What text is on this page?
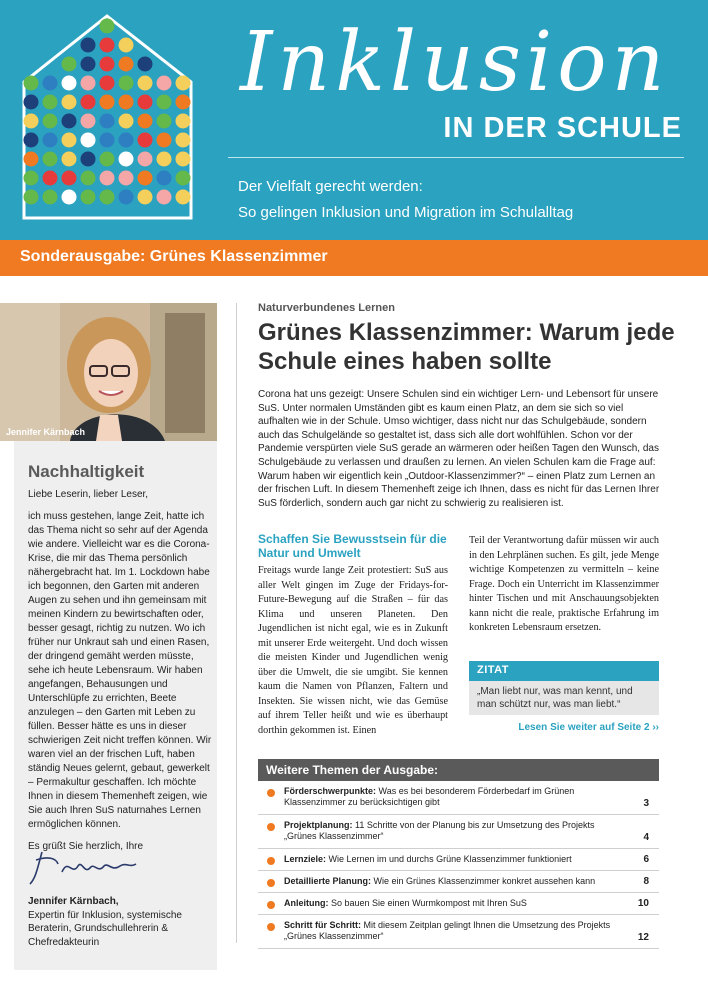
Inklusion
IN DER SCHULE
Der Vielfalt gerecht werden:
So gelingen Inklusion und Migration im Schulalltag
Sonderausgabe: Grünes Klassenzimmer
Jennifer Kärnbach
Nachhaltigkeit

Liebe Leserin, lieber Leser,

ich muss gestehen, lange Zeit, hatte ich das Thema nicht so sehr auf der Agenda wie andere. Vielleicht war es die Corona-Krise, die mir das Thema persönlich nähergebracht hat. Im 1. Lockdown habe ich begonnen, den Garten mit anderen Augen zu sehen und ihn gemeinsam mit meinen Kindern zu bewirtschaften oder, besser gesagt, richtig zu nutzen. Wo ich früher nur Unkraut sah und einen Rasen, der dringend gemäht werden müsste, sehe ich heute Lebensraum. Wir haben angefangen, Behausungen und Unterschlüpfe zu errichten, Beete anzulegen – den Garten mit Leben zu füllen. Besser hätte es uns in dieser schwierigen Zeit nicht treffen können. Wir waren viel an der frischen Luft, haben ständig Neues gelernt, gebaut, gewerkelt – Permakultur geschaffen. Ich möchte Ihnen in diesem Themenheft zeigen, wie Sie auch Ihren SuS naturnahes Lernen ermöglichen können.

Es grüßt Sie herzlich, Ihre

Jennifer Kärnbach,
Expertin für Inklusion, systemische Beraterin, Grundschullehrerin & Chefredakteurin
Naturverbundenes Lernen
Grünes Klassenzimmer: Warum jede Schule eines haben sollte
Corona hat uns gezeigt: Unsere Schulen sind ein wichtiger Lern- und Lebensort für unsere SuS. Unter normalen Umständen gibt es kaum einen Platz, an dem sie sich so viel aufhalten wie in der Schule. Umso wichtiger, dass nicht nur das Schulgebäude, sondern auch das Schulgelände so gestaltet ist, dass sich alle dort wohlfühlen. Schon vor der Pandemie verspürten viele SuS gerade an wärmeren oder heißen Tagen den Wunsch, das Schulgebäude zu verlassen und draußen zu lernen. An vielen Schulen kam die Frage auf: Warum haben wir eigentlich kein „Outdoor-Klassenzimmer?“ – einen Platz zum Lernen an der frischen Luft. In diesem Themenheft zeige ich Ihnen, dass es nicht für das Lernen Ihrer SuS förderlich, sondern auch gar nicht zu schwierig zu realisieren ist.
Schaffen Sie Bewusstsein für die Natur und Umwelt

Freitags wurde lange Zeit protestiert: SuS aus aller Welt gingen im Zuge der Fridays-for-Future-Bewegung auf die Straßen – für das Klima und unseren Planeten. Den Jugendlichen ist nicht egal, wie es in Zukunft mit unserer Erde weitergeht. Und doch wissen die meisten Kinder und Jugendlichen wenig über die Umwelt, die sie umgibt. Sie kennen kaum die Namen von Pflanzen, Faltern und Insekten. Sie wissen nicht, wie das Gemüse auf ihrem Teller heißt und wie es überhaupt dorthin gekommen ist. Einen

Teil der Verantwortung dafür müssen wir auch in den Lehrplänen suchen. Es gilt, jede Menge wichtige Kompetenzen zu vermitteln – keine Frage. Doch ein Unterricht im Klassenzimmer hinter Tischen und mit Anschauungsobjekten kann nicht die reale, praktische Erfahrung im konkreten Lebensraum ersetzen.

ZITAT
„Man liebt nur, was man kennt, und man schützt nur, was man liebt.“
Lesen Sie weiter auf Seite 2 ››
Weitere Themen der Ausgabe:
Förderschwerpunkte: Was es bei besonderem Förderbedarf im Grünen Klassenzimmer zu berücksichtigen gibt	3
Projektplanung: 11 Schritte von der Planung bis zur Umsetzung des Projekts „Grünes Klassenzimmer“	4
Lernziele: Wie Lernen im und durchs Grüne Klassenzimmer funktioniert	6
Detaillierte Planung: Wie ein Grünes Klassenzimmer konkret aussehen kann	8
Anleitung: So bauen Sie einen Wurmkompost mit Ihren SuS	10
Schritt für Schritt: Mit diesem Zeitplan gelingt Ihnen die Umsetzung des Projekts „Grünes Klassenzimmer“	12
